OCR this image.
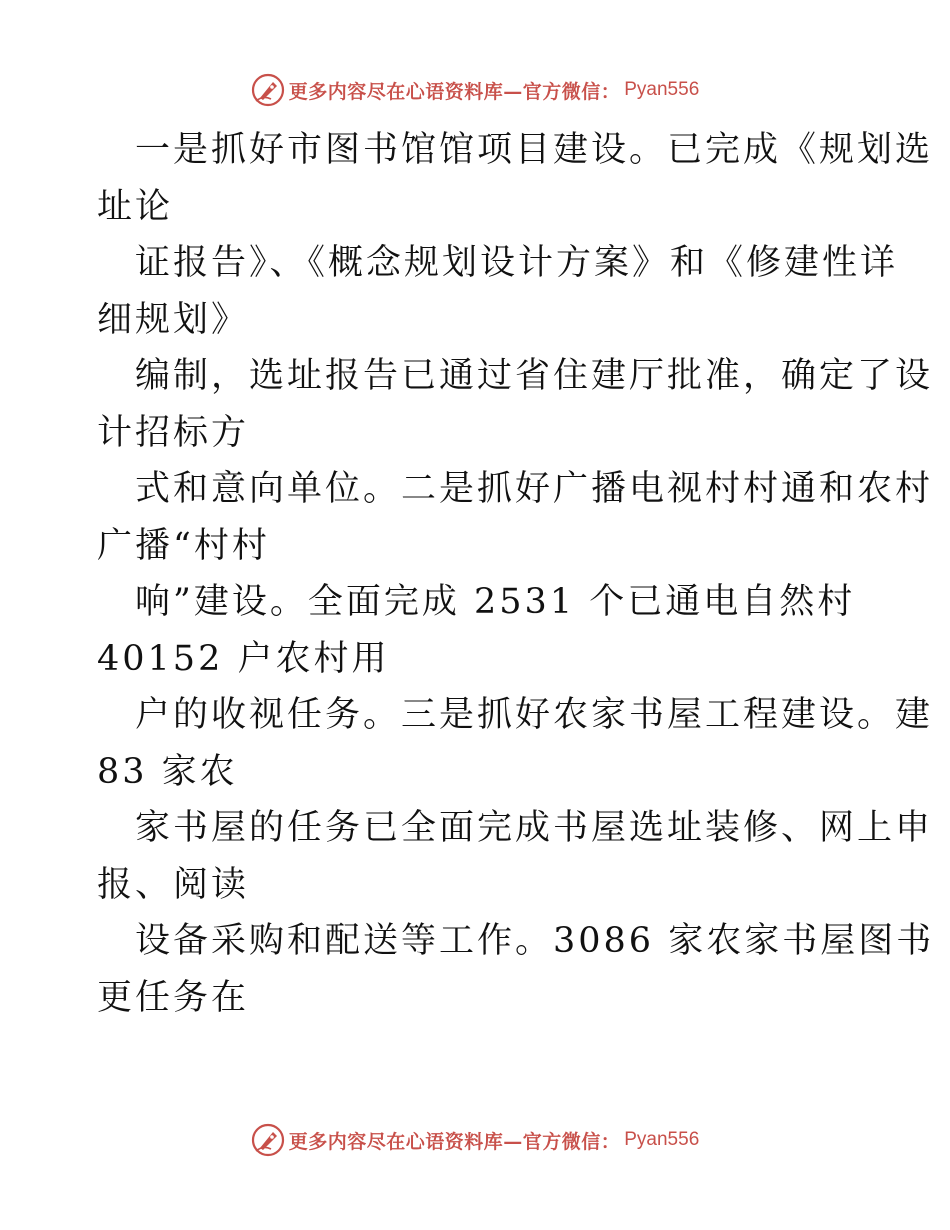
更多内容尽在心语资料库—官方微信： Pyan556
一是抓好市图书馆馆项目建设。已完成《规划选
址论
证报告》、《概念规划设计方案》和《修建性详
细规划》
编制，选址报告已通过省住建厅批准，确定了设
计招标方
式和意向单位。二是抓好广播电视村村通和农村
广播“村村
响”建设。全面完成 2531 个已通电自然村
40152 户农村用
户的收视任务。三是抓好农家书屋工程建设。建
83 家农
家书屋的任务已全面完成书屋选址装修、网上申
报、阅读
设备采购和配送等工作。3086 家农家书屋图书
更任务在
更多内容尽在心语资料库—官方微信： Pyan556
